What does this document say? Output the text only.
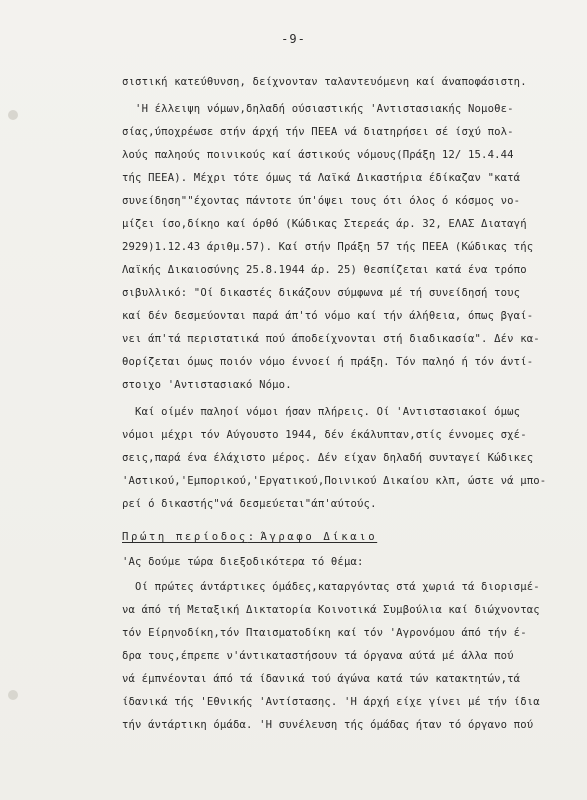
-9-
σιστική κατεύθυνση, δείχνονταν ταλαντευόμενη καί άναποφάσιστη.
'Η έλλειψη νόμων,δηλαδή ούσιαστικής 'Αντιστασιακής Νομοθε-
σίας,ύποχρέωσε στήν άρχή τήν ΠΕΕΑ νά διατηρήσει σέ ίσχύ πολ-
λούς παληούς ποινικούς καί άστικούς νόμους(Πράξη 12/ 15.4.44
τής ΠΕΕΑ). Μέχρι τότε όμως τά Λαϊκά Δικαστήρια έδίκαζαν "κατά
συνείδηση""έχοντας πάντοτε ύπ'όψει τους ότι όλος ό κόσμος νο-
μίζει ίσο,δίκηο καί όρθό (Κώδικας Στερεάς άρ. 32, ΕΛΑΣ Διαταγή
2929)1.12.43 άριθμ.57). Καί στήν Πράξη 57 τής ΠΕΕΑ (Κώδικας τής
Λαϊκής Δικαιοσύνης 25.8.1944 άρ. 25) θεσπίζεται κατά ένα τρόπο
σιβυλλικό: "Οί δικαστές δικάζουν σύμφωνα μέ τή συνείδησή τους
καί δέν δεσμεύονται παρά άπ'τό νόμο καί τήν άλήθεια, όπως βγαί-
νει άπ'τά περιστατικά πού άποδείχνονται στή διαδικασία". Δέν κα-
θορίζεται όμως ποιόν νόμο έννοεί ή πράξη. Τόν παληό ή τόν άντί-
στοιχο 'Αντιστασιακό Νόμο.
Καί οίμέν παληοί νόμοι ήσαν πλήρεις. Οί 'Αντιστασιακοί όμως
νόμοι μέχρι τόν Αύγουστο 1944, δέν έκάλυπταν,στίς έννομες σχέ-
σεις,παρά ένα έλάχιστο μέρος. Δέν είχαν δηλαδή συνταγεί Κώδικες
'Αστικού,'Εμπορικού,'Εργατικού,Ποινικού Δικαίου κλπ, ώστε νά μπο-
ρεί ό δικαστής"νά δεσμεύεται"άπ'αύτούς.
Πρώτη περίοδος: Άγραφο Δίκαιο
'Ας δούμε τώρα διεξοδικότερα τό θέμα:
Οί πρώτες άντάρτικες όμάδες,καταργόντας στά χωριά τά διορισμέ-
να άπό τή Μεταξική Δικτατορία Κοινοτικά Συμβούλια καί διώχνοντας
τόν Είρηνοδίκη,τόν Πταισματοδίκη καί τόν 'Αγρονόμου άπό τήν έ-
δρα τους,έπρεπε ν'άντικαταστήσουν τά όργανα αύτά μέ άλλα πού
νά έμπνέονται άπό τά ίδανικά τού άγώνα κατά τών κατακτητών,τά
ίδανικά τής 'Εθνικής 'Αντίστασης. 'Η άρχή είχε γίνει μέ τήν ίδια
τήν άντάρτικη όμάδα. 'Η συνέλευση τής όμάδας ήταν τό όργανο πού
